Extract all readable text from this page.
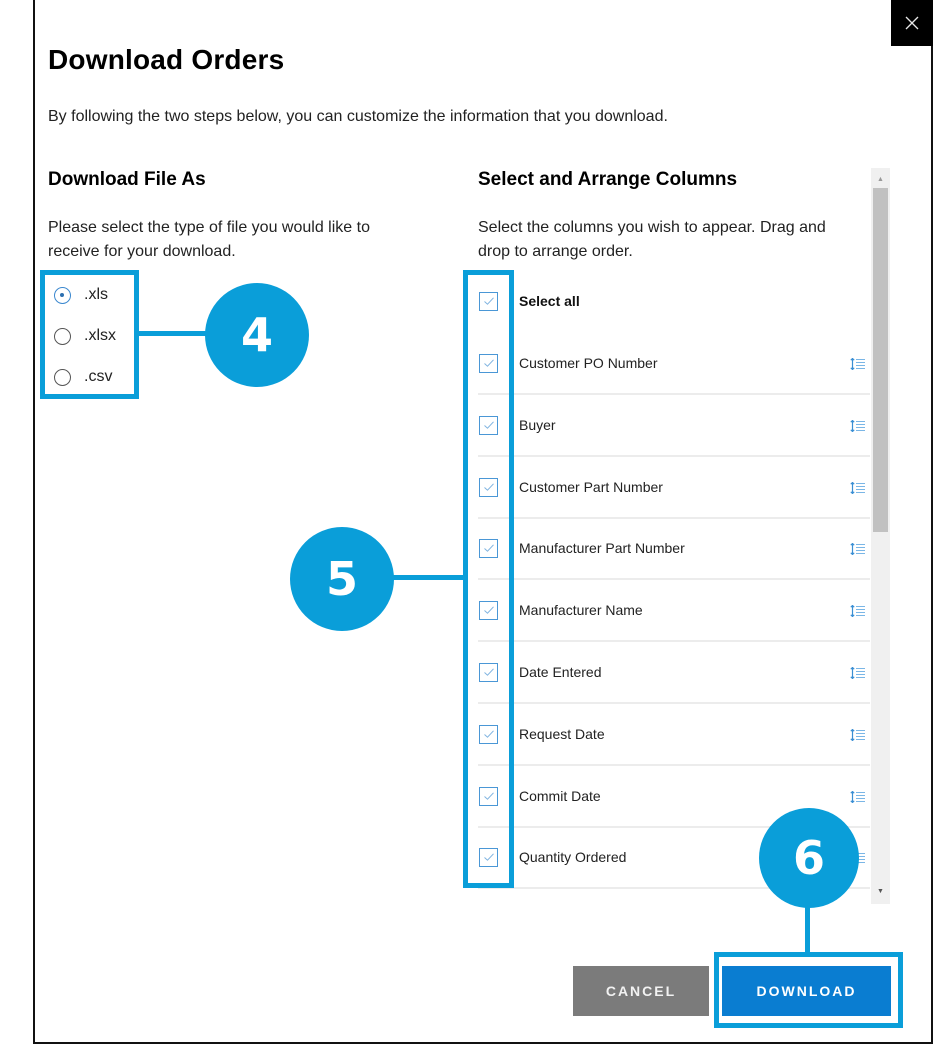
Download Orders
By following the two steps below, you can customize the information that you download.
Download File As
Please select the type of file you would like to
receive for your download.
.xls
.xlsx
.csv
Select and Arrange Columns
Select the columns you wish to appear. Drag and
drop to arrange order.
▲
▼
Select all
Customer PO Number
Buyer
Customer Part Number
Manufacturer Part Number
Manufacturer Name
Date Entered
Request Date
Commit Date
Quantity Ordered
CANCEL	DOWNLOAD
4
5
6
